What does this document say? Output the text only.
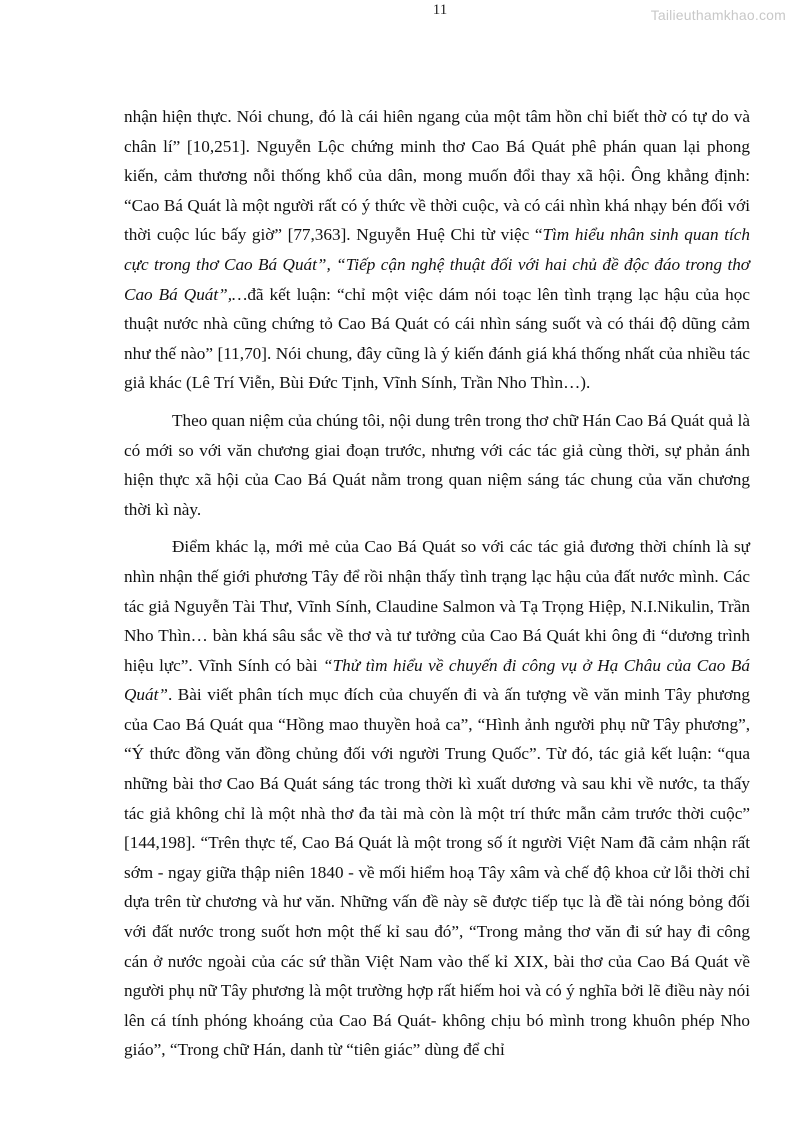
11	Tailieuthamkhao.com

nhận hiện thực. Nói chung, đó là cái hiên ngang của một tâm hồn chỉ biết thờ có tự do và chân lí” [10,251]. Nguyễn Lộc chứng minh thơ Cao Bá Quát phê phán quan lại phong kiến, cảm thương nỗi thống khổ của dân, mong muốn đổi thay xã hội. Ông khẳng định: “Cao Bá Quát là một người rất có ý thức về thời cuộc, và có cái nhìn khá nhạy bén đối với thời cuộc lúc bấy giờ” [77,363]. Nguyễn Huệ Chi từ việc “Tìm hiểu nhân sinh quan tích cực trong thơ Cao Bá Quát”, “Tiếp cận nghệ thuật đối với hai chủ đề độc đáo trong thơ Cao Bá Quát”,…đã kết luận: “chỉ một việc dám nói toạc lên tình trạng lạc hậu của học thuật nước nhà cũng chứng tỏ Cao Bá Quát có cái nhìn sáng suốt và có thái độ dũng cảm như thế nào” [11,70]. Nói chung, đây cũng là ý kiến đánh giá khá thống nhất của nhiều tác giả khác (Lê Trí Viễn, Bùi Đức Tịnh, Vĩnh Sính, Trần Nho Thìn…).

Theo quan niệm của chúng tôi, nội dung trên trong thơ chữ Hán Cao Bá Quát quả là có mới so với văn chương giai đoạn trước, nhưng với các tác giả cùng thời, sự phản ánh hiện thực xã hội của Cao Bá Quát nằm trong quan niệm sáng tác chung của văn chương thời kì này.

Điểm khác lạ, mới mẻ của Cao Bá Quát so với các tác giả đương thời chính là sự nhìn nhận thế giới phương Tây để rồi nhận thấy tình trạng lạc hậu của đất nước mình. Các tác giả Nguyễn Tài Thư, Vĩnh Sính, Claudine Salmon và Tạ Trọng Hiệp, N.I.Nikulin, Trần Nho Thìn… bàn khá sâu sắc về thơ và tư tưởng của Cao Bá Quát khi ông đi “dương trình hiệu lực”. Vĩnh Sính có bài “Thử tìm hiểu về chuyến đi công vụ ở Hạ Châu của Cao Bá Quát”. Bài viết phân tích mục đích của chuyến đi và ấn tượng về văn minh Tây phương của Cao Bá Quát qua “Hồng mao thuyền hoả ca”, “Hình ảnh người phụ nữ Tây phương”, “Ý thức đồng văn đồng chủng đối với người Trung Quốc”. Từ đó, tác giả kết luận: “qua những bài thơ Cao Bá Quát sáng tác trong thời kì xuất dương và sau khi về nước, ta thấy tác giả không chỉ là một nhà thơ đa tài mà còn là một trí thức mẫn cảm trước thời cuộc” [144,198]. “Trên thực tế, Cao Bá Quát là một trong số ít người Việt Nam đã cảm nhận rất sớm - ngay giữa thập niên 1840 - về mối hiểm hoạ Tây xâm và chế độ khoa cử lỗi thời chỉ dựa trên từ chương và hư văn. Những vấn đề này sẽ được tiếp tục là đề tài nóng bỏng đối với đất nước trong suốt hơn một thế kỉ sau đó”, “Trong mảng thơ văn đi sứ hay đi công cán ở nước ngoài của các sứ thần Việt Nam vào thế kỉ XIX, bài thơ của Cao Bá Quát về người phụ nữ Tây phương là một trường hợp rất hiếm hoi và có ý nghĩa bởi lẽ điều này nói lên cá tính phóng khoáng của Cao Bá Quát- không chịu bó mình trong khuôn phép Nho giáo”, “Trong chữ Hán, danh từ “tiên giác” dùng để chỉ
